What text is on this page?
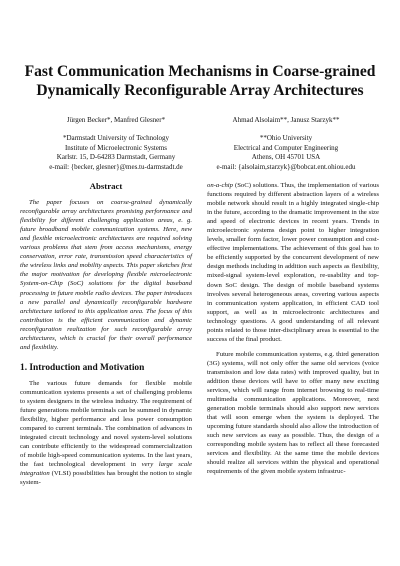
Fast Communication Mechanisms in Coarse-grained
Dynamically Reconfigurable Array Architectures
Jürgen Becker*, Manfred Glesner*
*Darmstadt University of Technology
Institute of Microelectronic Systems
Karlstr. 15, D-64283 Darmstadt, Germany
e-mail: {becker, glesner}@mes.tu-darmstadt.de
Ahmad Alsolaim**, Janusz Starzyk**
**Ohio University
Electrical and Computer Engineering
Athens, OH 45701 USA
e-mail: {alsolaim,starzyk}@bobcat.ent.ohiou.edu
Abstract

The paper focuses on coarse-grained dynamically reconfigurable array architectures promising performance and flexibility for different challenging application areas, e. g. future broadband mobile communication systems. Here, new and flexible microelectronic architectures are required solving various problems that stem from access mechanisms, energy conservation, error rate, transmission speed characteristics of the wireless links and mobility aspects. This paper sketches first the major motivation for developing flexible microelectronic System-on-Chip (SoC) solutions for the digital baseband processing in future mobile radio devices. The paper introduces a new parallel and dynamically reconfigurable hardware architecture tailored to this application area. The focus of this contribution is the efficient communication and dynamic reconfiguration realization for such reconfigurable array architectures, which is crucial for their overall performance and flexibility.

1. Introduction and Motivation

The various future demands for flexible mobile communication systems presents a set of challenging problems to system designers in the wireless industry. The requirement of future generations mobile terminals can be summed in dynamic flexibility, higher performance and less power consumption compared to current terminals. The combination of advances in integrated circuit technology and novel system-level solutions can contribute efficiently to the widespread commercialization of mobile high-speed communication systems. In the last years, the fast technological development in very large scale integration (VLSI) possibilities has brought the notion to single system-

on-a-chip (SoC) solutions. Thus, the implementation of various functions required by different abstraction layers of a wireless mobile network should result in a highly integrated single-chip in the future, according to the dramatic improvement in the size and speed of electronic devices in recent years. Trends in microelectronic systems design point to higher integration levels, smaller form factor, lower power consumption and cost-effective implementations. The achievement of this goal has to be efficiently supported by the concurrent development of new design methods including in addition such aspects as flexibility, mixed-signal system-level exploration, re-usability and top-down SoC design. The design of mobile baseband systems involves several heterogeneous areas, covering various aspects in communication system application, in efficient CAD tool support, as well as in microelectronic architectures and technology questions. A good understanding of all relevant points related to those inter-disciplinary areas is essential to the success of the final product.

Future mobile communication systems, e.g. third generation (3G) systems, will not only offer the same old services (voice transmission and low data rates) with improved quality, but in addition these devices will have to offer many new exciting services, which will range from internet browsing to real-time multimedia communication applications. Moreover, next generation mobile terminals should also support new services that will soon emerge when the system is deployed. The upcoming future standards should also allow the introduction of such new services as easy as possible. Thus, the design of a corresponding mobile system has to reflect all these forecasted services and flexibility. At the same time the mobile devices should realize all services within the physical and operational requirements of the given mobile system infrastruc-
